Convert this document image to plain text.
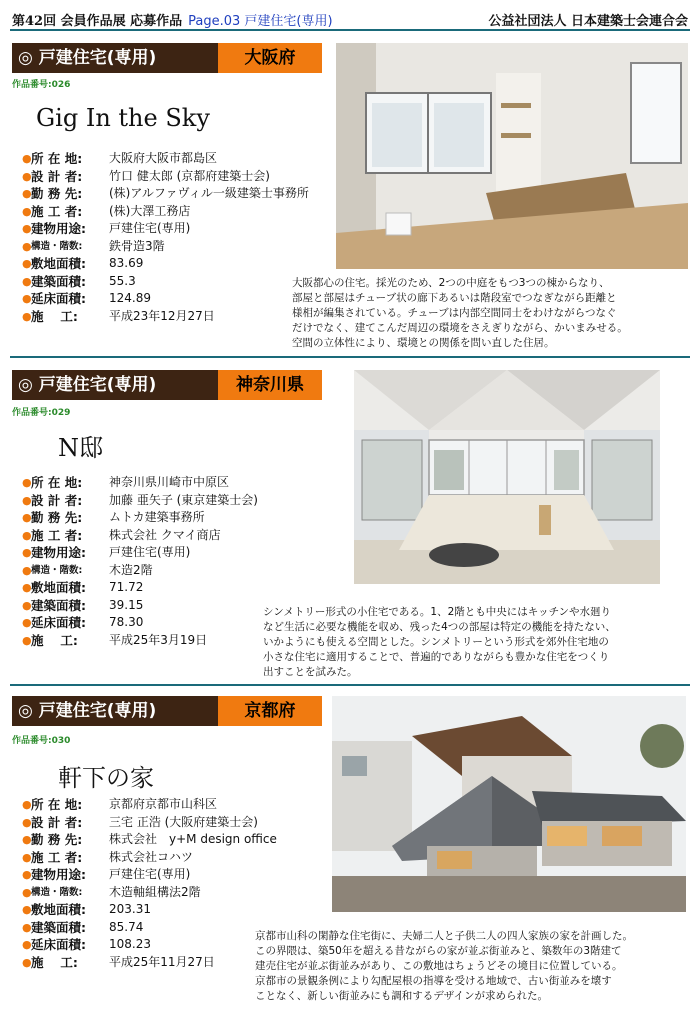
第42回 会員作品展 応募作品 Page.03 戸建住宅(専用)	公益社団法人 日本建築士会連合会
◎ 戸建住宅(専用)	大阪府
作品番号:026
Gig In the Sky
● 所 在 地:	大阪府大阪市都島区
● 設 計 者:	竹口 健太郎 (京都府建築士会)
● 勤 務 先:	(株)アルファヴィル一級建築士事務所
● 施 工 者:	(株)大澤工務店
● 建物用途:	戸建住宅(専用)
● 構造・階数:	鉄骨造3階
● 敷地面積:	83.69
● 建築面積:	55.3
● 延床面積:	124.89
● 施　 工:	平成23年12月27日
大阪都心の住宅。採光のため、2つの中庭をもつ3つの棟からなり、
部屋と部屋はチューブ状の廊下あるいは階段室でつなぎながら距離と
様相が編集されている。チューブは内部空間同士をわけながらつなぐ
だけでなく、建てこんだ周辺の環境をさえぎりながら、かいまみせる。
空間の立体性により、環境との関係を問い直した住居。
◎ 戸建住宅(専用)	神奈川県
作品番号:029
N邸
● 所 在 地:	神奈川県川崎市中原区
● 設 計 者:	加藤 亜矢子 (東京建築士会)
● 勤 務 先:	ムトカ建築事務所
● 施 工 者:	株式会社 クマイ商店
● 建物用途:	戸建住宅(専用)
● 構造・階数:	木造2階
● 敷地面積:	71.72
● 建築面積:	39.15
● 延床面積:	78.30
● 施　 工:	平成25年3月19日
シンメトリー形式の小住宅である。1、2階とも中央にはキッチンや水廻り
など生活に必要な機能を収め、残った4つの部屋は特定の機能を持たない、
いかようにも使える空間とした。シンメトリーという形式を郊外住宅地の
小さな住宅に適用することで、普遍的でありながらも豊かな住宅をつくり
出すことを試みた。
◎ 戸建住宅(専用)	京都府
作品番号:030
軒下の家
● 所 在 地:	京都府京都市山科区
● 設 計 者:	三宅 正浩 (大阪府建築士会)
● 勤 務 先:	株式会社　y+M design office
● 施 工 者:	株式会社コハツ
● 建物用途:	戸建住宅(専用)
● 構造・階数:	木造軸組構法2階
● 敷地面積:	203.31
● 建築面積:	85.74
● 延床面積:	108.23
● 施　 工:	平成25年11月27日
京都市山科の閑静な住宅街に、夫婦二人と子供二人の四人家族の家を計画した。
この界隈は、築50年を超える昔ながらの家が並ぶ街並みと、築数年の3階建て
建売住宅が並ぶ街並みがあり、この敷地はちょうどその境目に位置している。
京都市の景観条例により勾配屋根の指導を受ける地域で、古い街並みを壊す
ことなく、新しい街並みにも調和するデザインが求められた。
